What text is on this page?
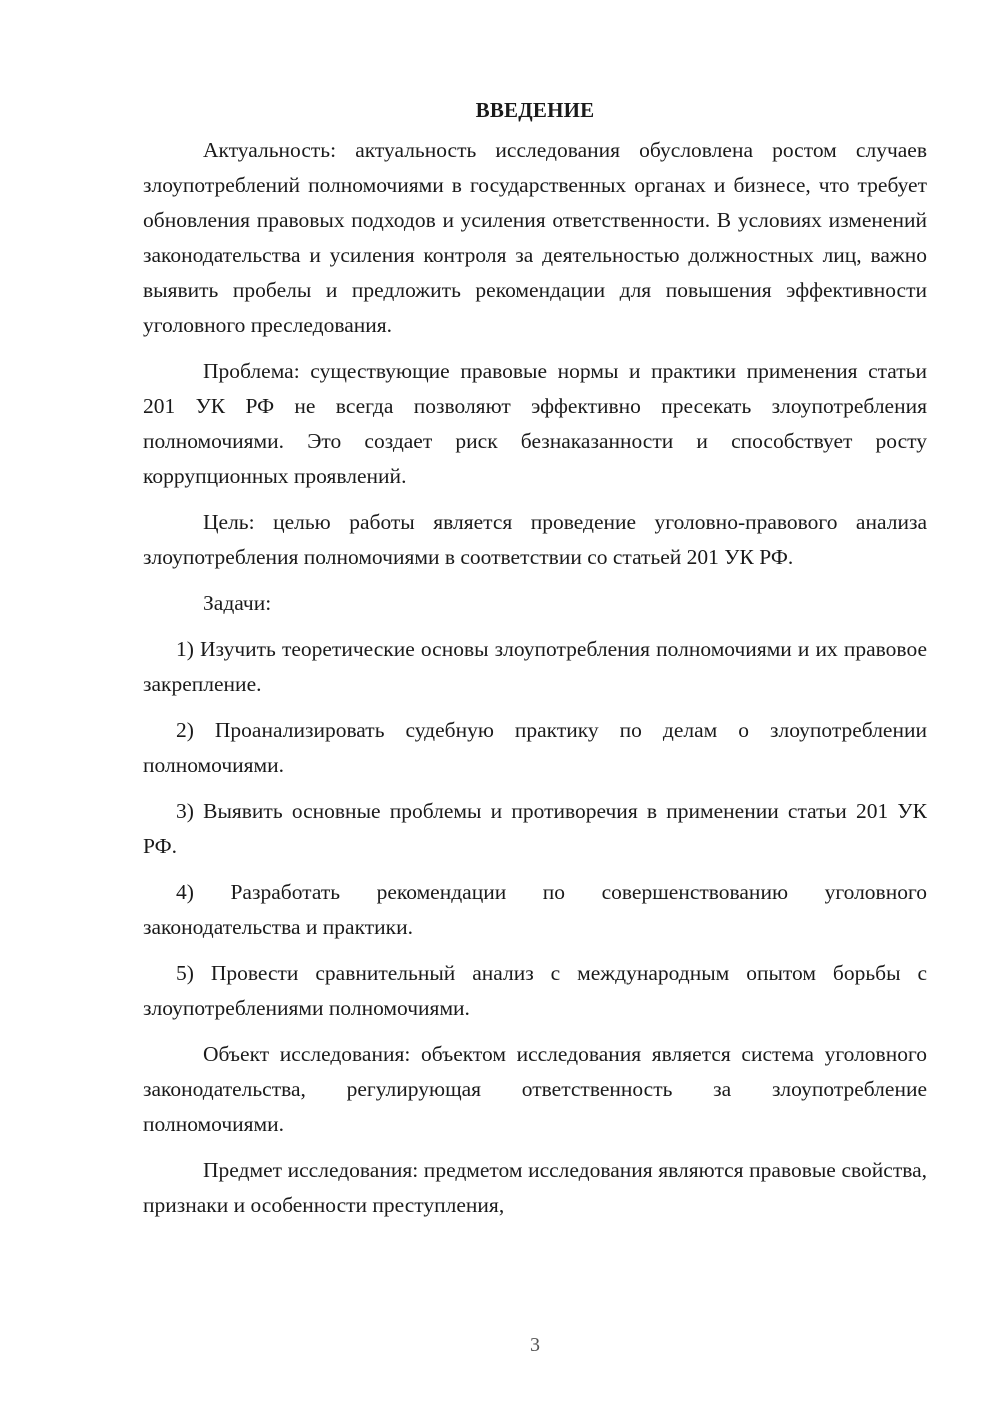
ВВЕДЕНИЕ

Актуальность: актуальность исследования обусловлена ростом случаев злоупотреблений полномочиями в государственных органах и бизнесе, что требует обновления правовых подходов и усиления ответственности. В условиях изменений законодательства и усиления контроля за деятельностью должностных лиц, важно выявить пробелы и предложить рекомендации для повышения эффективности уголовного преследования.

Проблема: существующие правовые нормы и практики применения статьи 201 УК РФ не всегда позволяют эффективно пресекать злоупотребления полномочиями. Это создает риск безнаказанности и способствует росту коррупционных проявлений.

Цель: целью работы является проведение уголовно-правового анализа злоупотребления полномочиями в соответствии со статьей 201 УК РФ.

Задачи:

1) Изучить теоретические основы злоупотребления полномочиями и их правовое закрепление.

2) Проанализировать судебную практику по делам о злоупотреблении полномочиями.

3) Выявить основные проблемы и противоречия в применении статьи 201 УК РФ.

4) Разработать рекомендации по совершенствованию уголовного законодательства и практики.

5) Провести сравнительный анализ с международным опытом борьбы с злоупотреблениями полномочиями.

Объект исследования: объектом исследования является система уголовного законодательства, регулирующая ответственность за злоупотребление полномочиями.

Предмет исследования: предметом исследования являются правовые свойства, признаки и особенности преступления,

3
